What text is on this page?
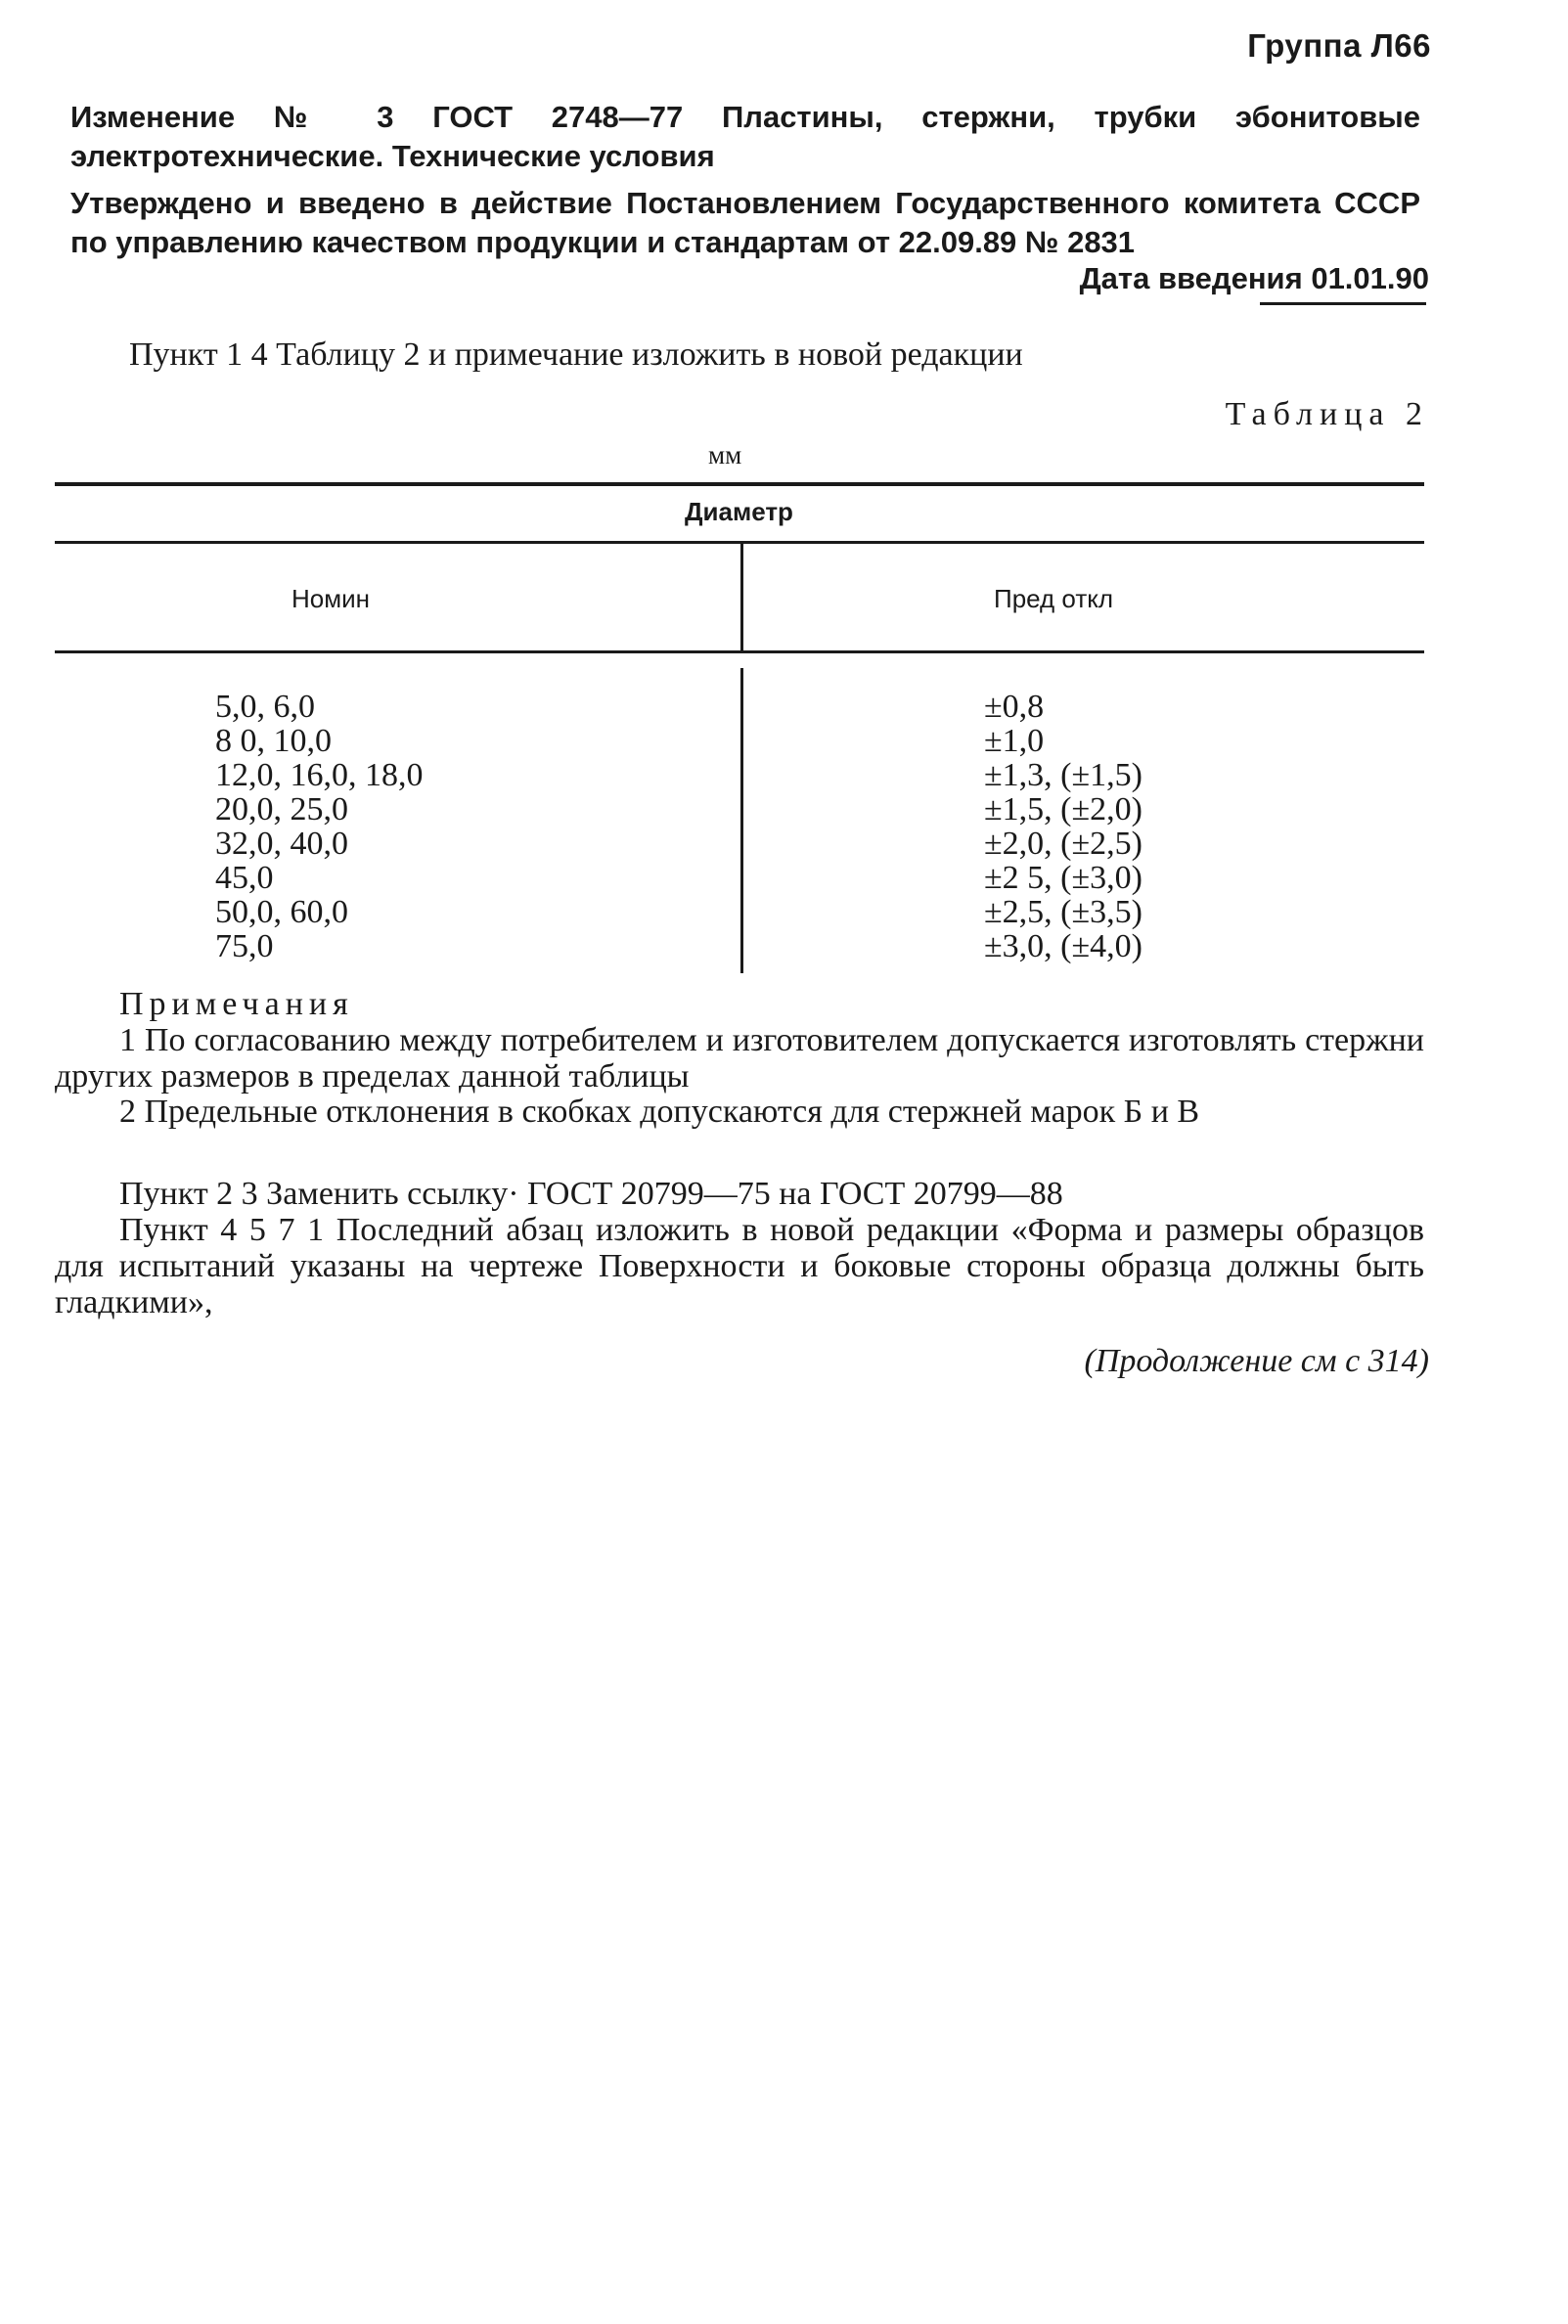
Группа Л66
Изменение № 3 ГОСТ 2748—77 Пластины, стержни, трубки эбонитовые электротехнические. Технические условия
Утверждено и введено в действие Постановлением Государственного комитета СССР по управлению качеством продукции и стандартам от 22.09.89 № 2831
Дата введения 01.01.90
Пункт 1 4 Таблицу 2 и примечание изложить в новой редакции
Таблица 2
мм
Диаметр
Номин	Пред откл
5,0, 6,0
8 0, 10,0
12,0, 16,0, 18,0
20,0, 25,0
32,0, 40,0
45,0
50,0, 60,0
75,0
±0,8
±1,0
±1,3, (±1,5)
±1,5, (±2,0)
±2,0, (±2,5)
±2 5, (±3,0)
±2,5, (±3,5)
±3,0, (±4,0)
Примечания
1 По согласованию между потребителем и изготовителем допускается изготовлять стержни других размеров в пределах данной таблицы
2 Предельные отклонения в скобках допускаются для стержней марок Б и В
Пункт 2 3 Заменить ссылку· ГОСТ 20799—75 на ГОСТ 20799—88
Пункт 4 5 7 1 Последний абзац изложить в новой редакции «Форма и размеры образцов для испытаний указаны на чертеже Поверхности и боковые стороны образца должны быть гладкими»,
(Продолжение см с 314)
